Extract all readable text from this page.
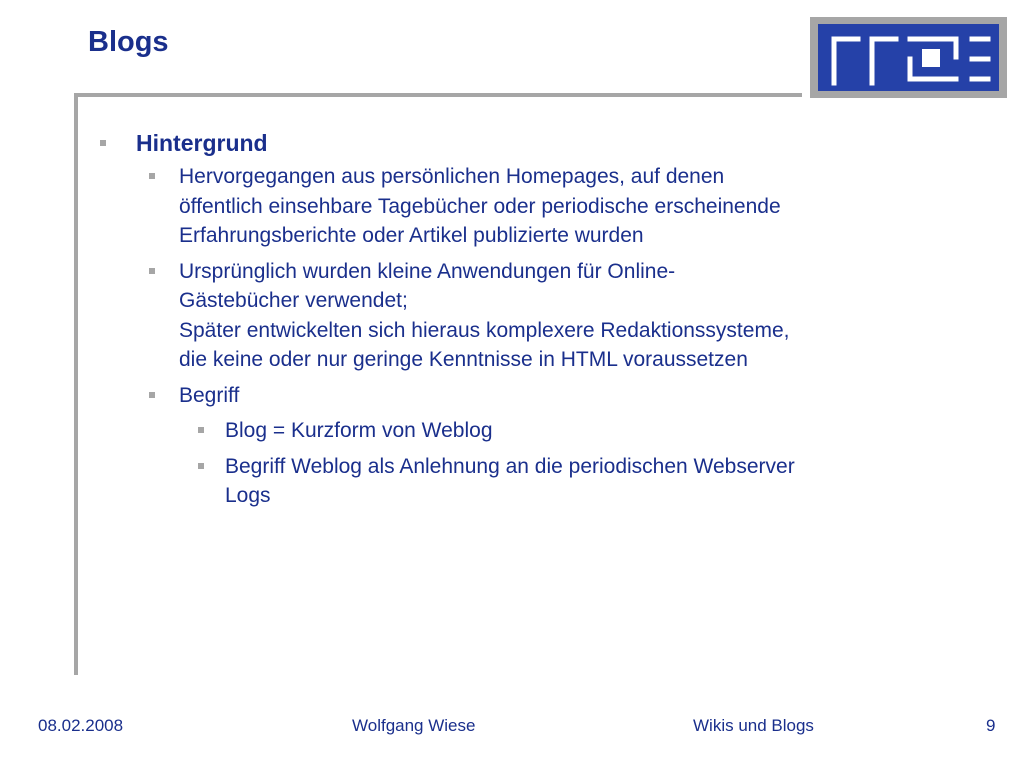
Blogs
Hintergrund
Hervorgegangen aus persönlichen Homepages, auf denen
öffentlich einsehbare Tagebücher oder periodische erscheinende
Erfahrungsberichte oder Artikel publizierte wurden
Ursprünglich wurden kleine Anwendungen für Online-
Gästebücher verwendet;
Später entwickelten sich hieraus komplexere Redaktionssysteme,
die keine oder nur geringe Kenntnisse in HTML voraussetzen
Begriff
Blog = Kurzform von Weblog
Begriff Weblog als Anlehnung an die periodischen Webserver
Logs
08.02.2008	Wolfgang Wiese	Wikis und Blogs	9
